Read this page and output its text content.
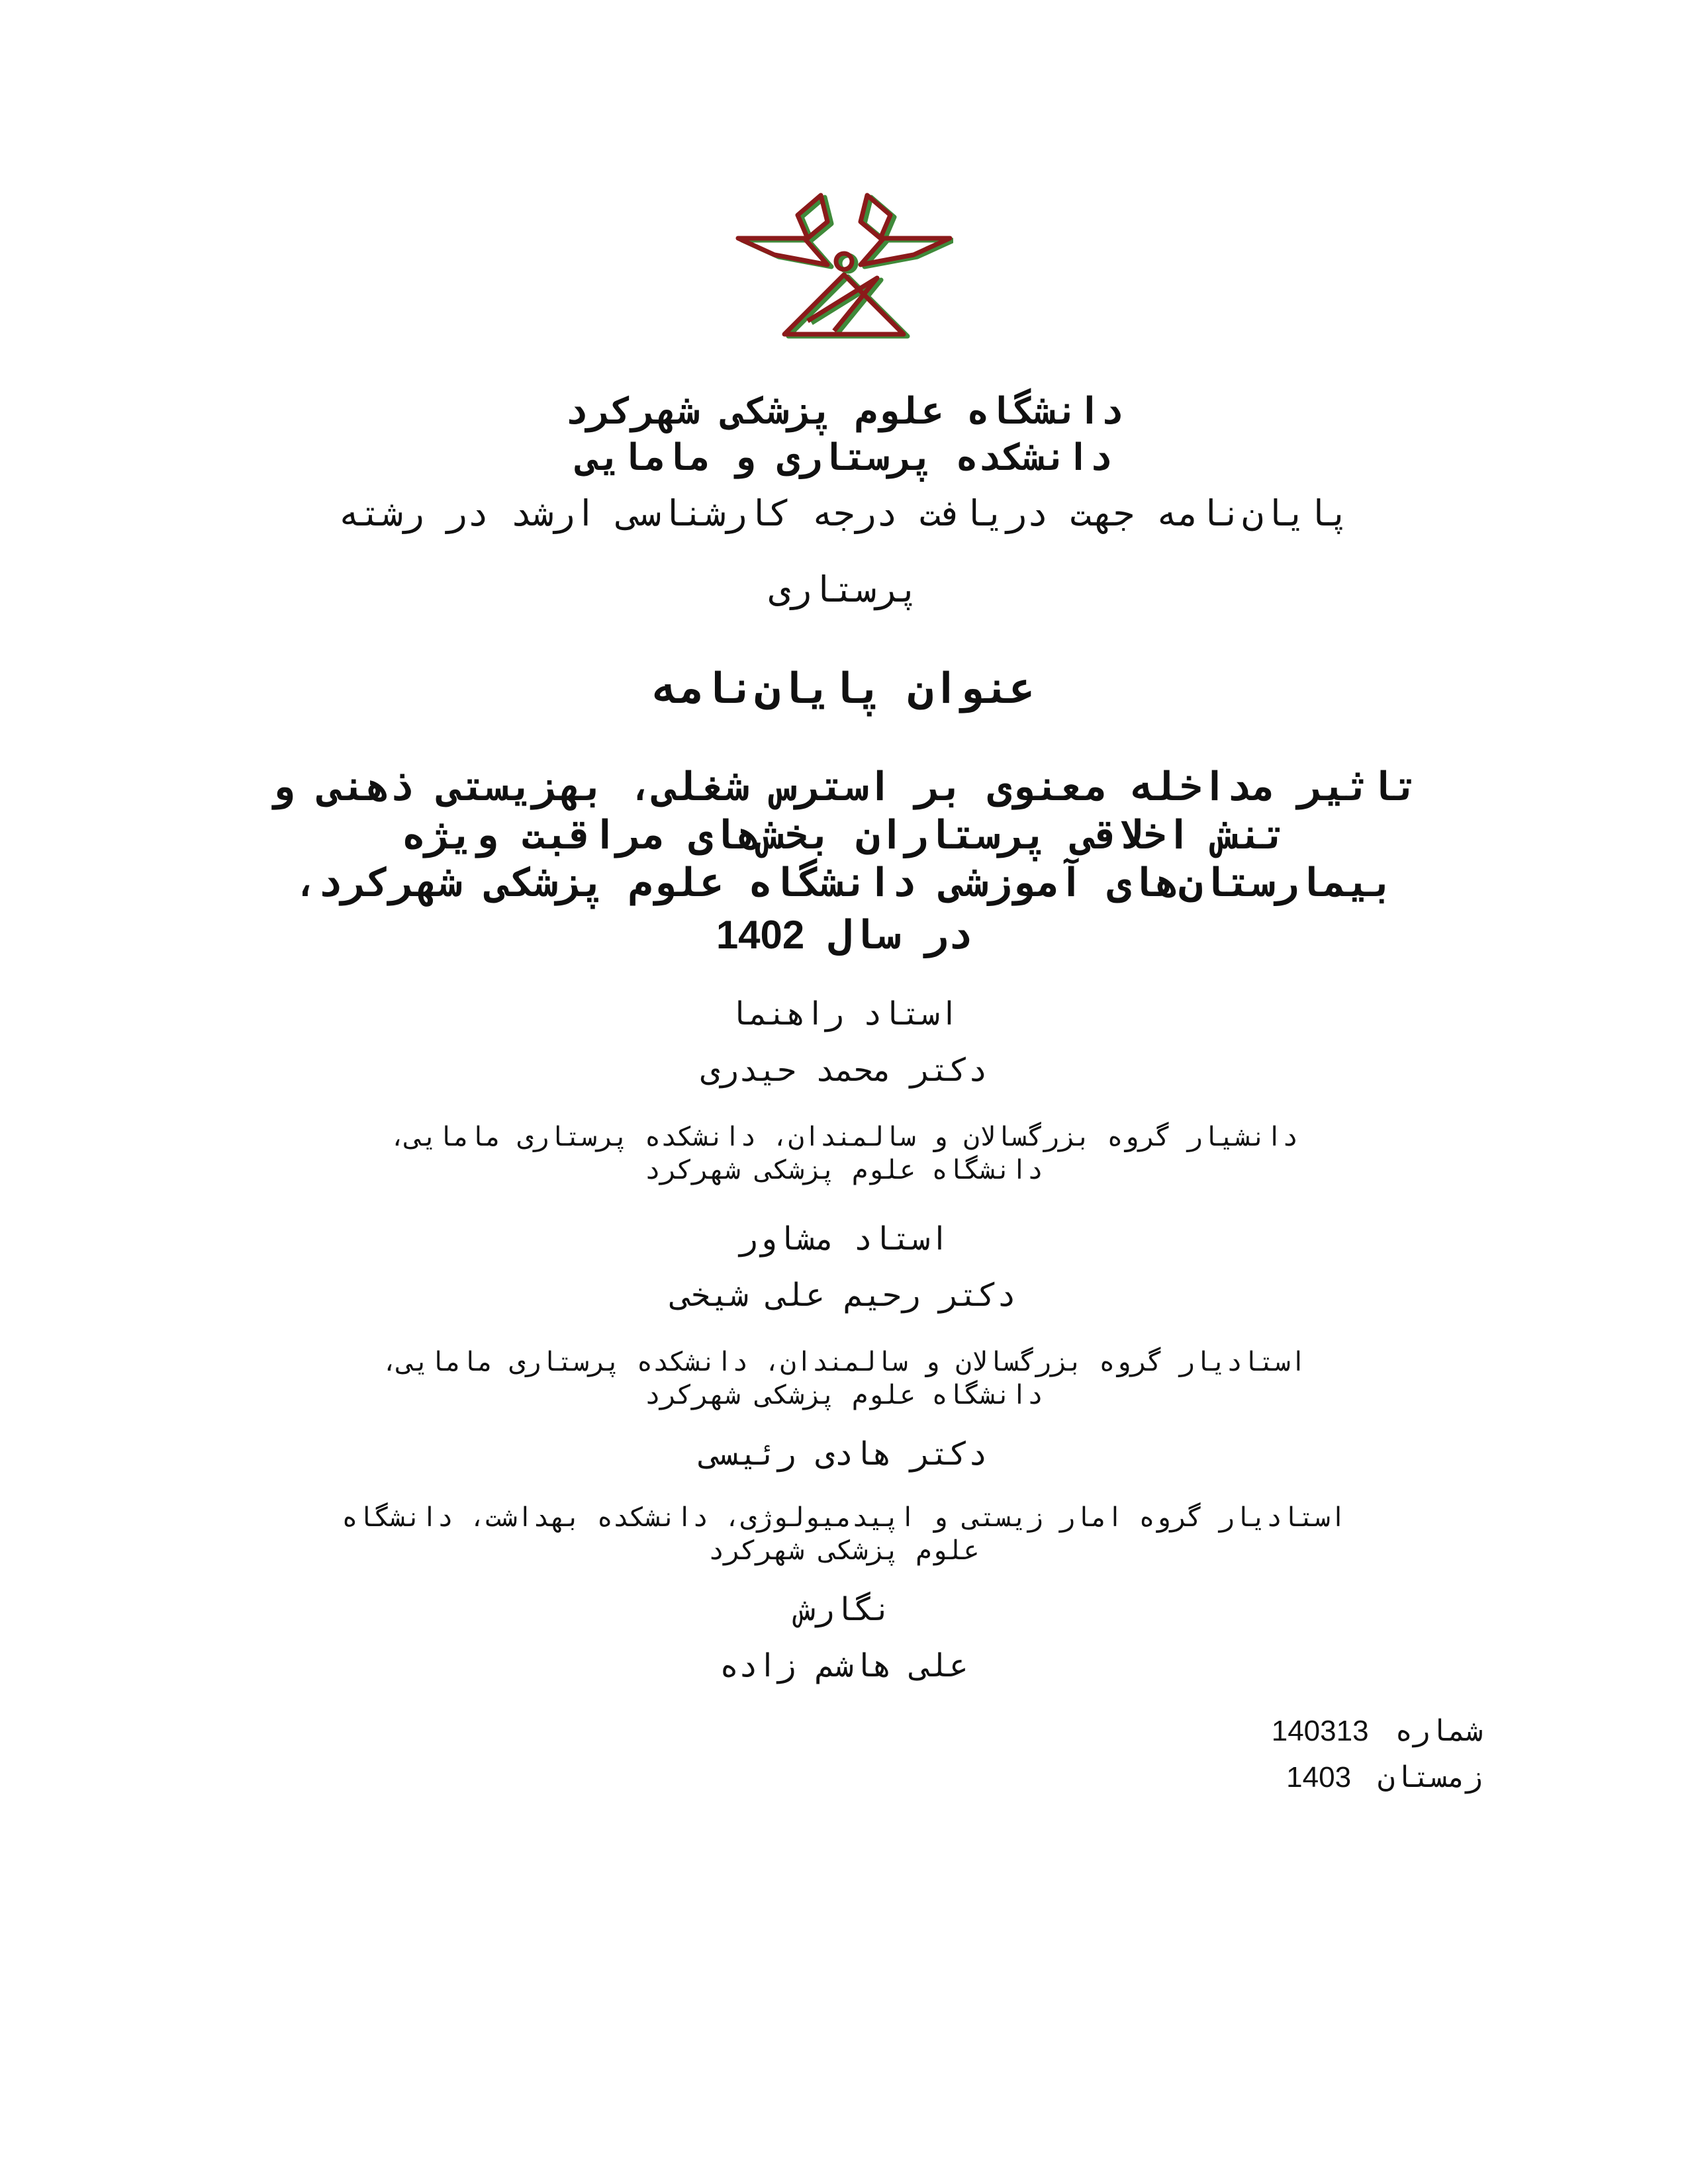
دانشگاه علوم پزشکی شهرکرد
دانشکده پرستاری و مامایی
پایان‌نامه جهت دریافت درجه کارشناسی ارشد در رشته
پرستاری
عنوان پایان‌نامه
تاثیر مداخله معنوی بر استرس شغلی، بهزیستی ذهنی و
تنش اخلاقی پرستاران بخش‌های مراقبت ویژه
بیمارستان‌های آموزشی دانشگاه علوم پزشکی شهرکرد،
در سال 1402
استاد راهنما
دکتر محمد حیدری
دانشیار گروه بزرگسالان و سالمندان، دانشکده پرستاری مامایی،
دانشگاه علوم پزشکی شهرکرد
استاد مشاور
دکتر رحیم علی شیخی
استادیار گروه بزرگسالان و سالمندان، دانشکده پرستاری مامایی،
دانشگاه علوم پزشکی شهرکرد
دکتر هادی رئیسی
استادیار گروه امار زیستی و اپیدمیولوژی، دانشکده بهداشت، دانشگاه
علوم پزشکی شهرکرد
نگارش
علی هاشم زاده
شماره140313
زمستان1403
